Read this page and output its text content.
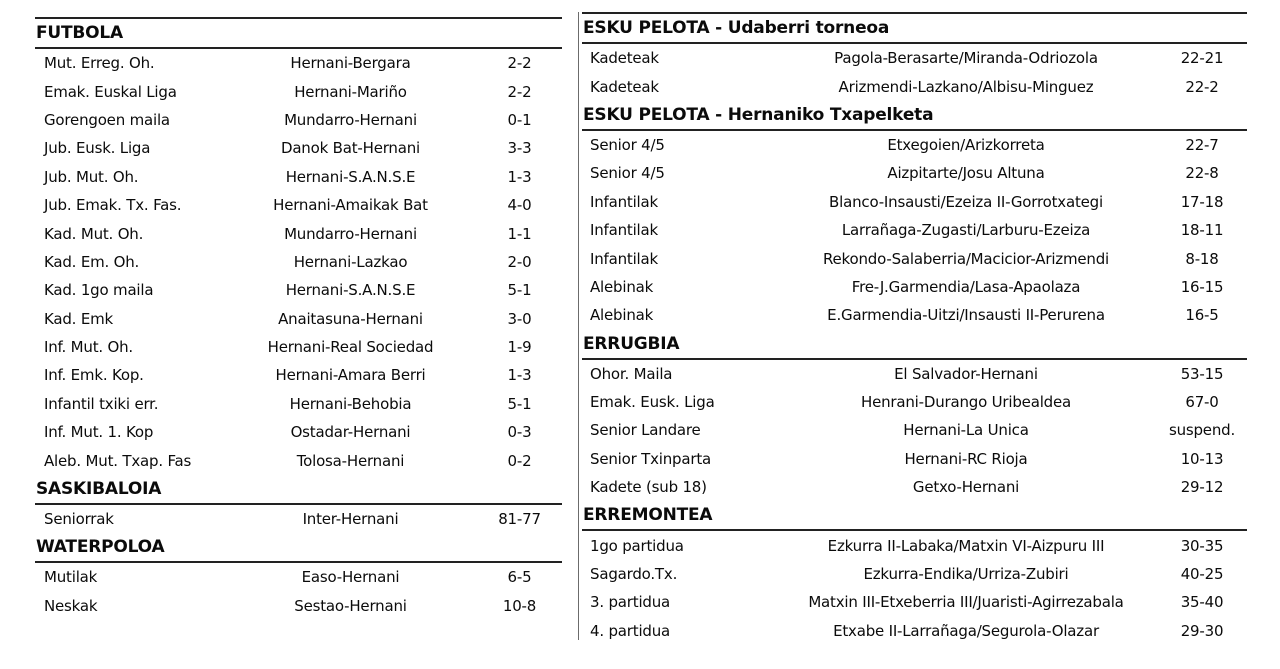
FUTBOLA
Mut. Erreg. Oh.	Hernani-Bergara	2-2
Emak. Euskal Liga	Hernani-Mariño	2-2
Gorengoen maila	Mundarro-Hernani	0-1
Jub. Eusk. Liga	Danok Bat-Hernani	3-3
Jub. Mut. Oh.	Hernani-S.A.N.S.E	1-3
Jub. Emak. Tx. Fas.	Hernani-Amaikak Bat	4-0
Kad. Mut. Oh.	Mundarro-Hernani	1-1
Kad. Em. Oh.	Hernani-Lazkao	2-0
Kad. 1go maila	Hernani-S.A.N.S.E	5-1
Kad. Emk	Anaitasuna-Hernani	3-0
Inf. Mut. Oh.	Hernani-Real Sociedad	1-9
Inf. Emk. Kop.	Hernani-Amara Berri	1-3
Infantil txiki err.	Hernani-Behobia	5-1
Inf. Mut. 1. Kop	Ostadar-Hernani	0-3
Aleb. Mut. Txap. Fas	Tolosa-Hernani	0-2
SASKIBALOIA
Seniorrak	Inter-Hernani	81-77
WATERPOLOA
Mutilak	Easo-Hernani	6-5
Neskak	Sestao-Hernani	10-8
ESKU PELOTA - Udaberri torneoa
Kadeteak	Pagola-Berasarte/Miranda-Odriozola	22-21
Kadeteak	Arizmendi-Lazkano/Albisu-Minguez	22-2
ESKU PELOTA - Hernaniko Txapelketa
Senior 4/5	Etxegoien/Arizkorreta	22-7
Senior 4/5	Aizpitarte/Josu Altuna	22-8
Infantilak	Blanco-Insausti/Ezeiza II-Gorrotxategi	17-18
Infantilak	Larrañaga-Zugasti/Larburu-Ezeiza	18-11
Infantilak	Rekondo-Salaberria/Macicior-Arizmendi	8-18
Alebinak	Fre-J.Garmendia/Lasa-Apaolaza	16-15
Alebinak	E.Garmendia-Uitzi/Insausti II-Perurena	16-5
ERRUGBIA
Ohor. Maila	El Salvador-Hernani	53-15
Emak. Eusk. Liga	Henrani-Durango Uribealdea	67-0
Senior Landare	Hernani-La Unica	suspend.
Senior Txinparta	Hernani-RC Rioja	10-13
Kadete (sub 18)	Getxo-Hernani	29-12
ERREMONTEA
1go partidua	Ezkurra II-Labaka/Matxin VI-Aizpuru III	30-35
Sagardo.Tx.	Ezkurra-Endika/Urriza-Zubiri	40-25
3. partidua	Matxin III-Etxeberria III/Juaristi-Agirrezabala	35-40
4. partidua	Etxabe II-Larrañaga/Segurola-Olazar	29-30
